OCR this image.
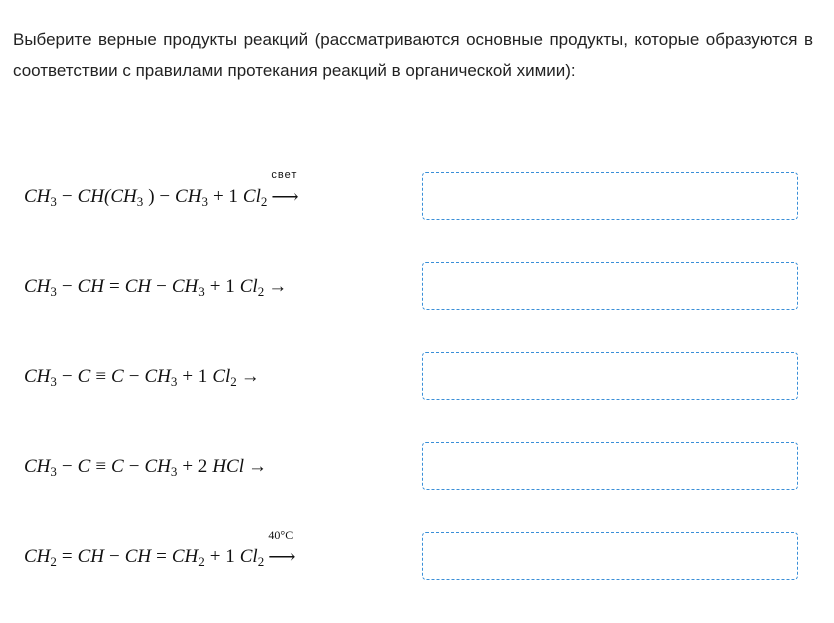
Выберите верные продукты реакций (рассматриваются основные продукты, которые образуются в соответствии с правилами протекания реакций в органической химии):

$CH_3 - CH(CH_3$ ) − $CH_3 + 1$ $Cl_2$
свет
⟶
$CH_3$ − CH = CH − $CH_3 + 1$ $Cl_2$ →
$CH_3 - C \equiv C - CH_3 + 1$ $Cl_2$ →
$CH_3 - C \equiv C - CH_3 + 2$ HCl →
$CH_2$ = CH − CH = $CH_2 + 1$ $Cl_2$
40°C
⟶
